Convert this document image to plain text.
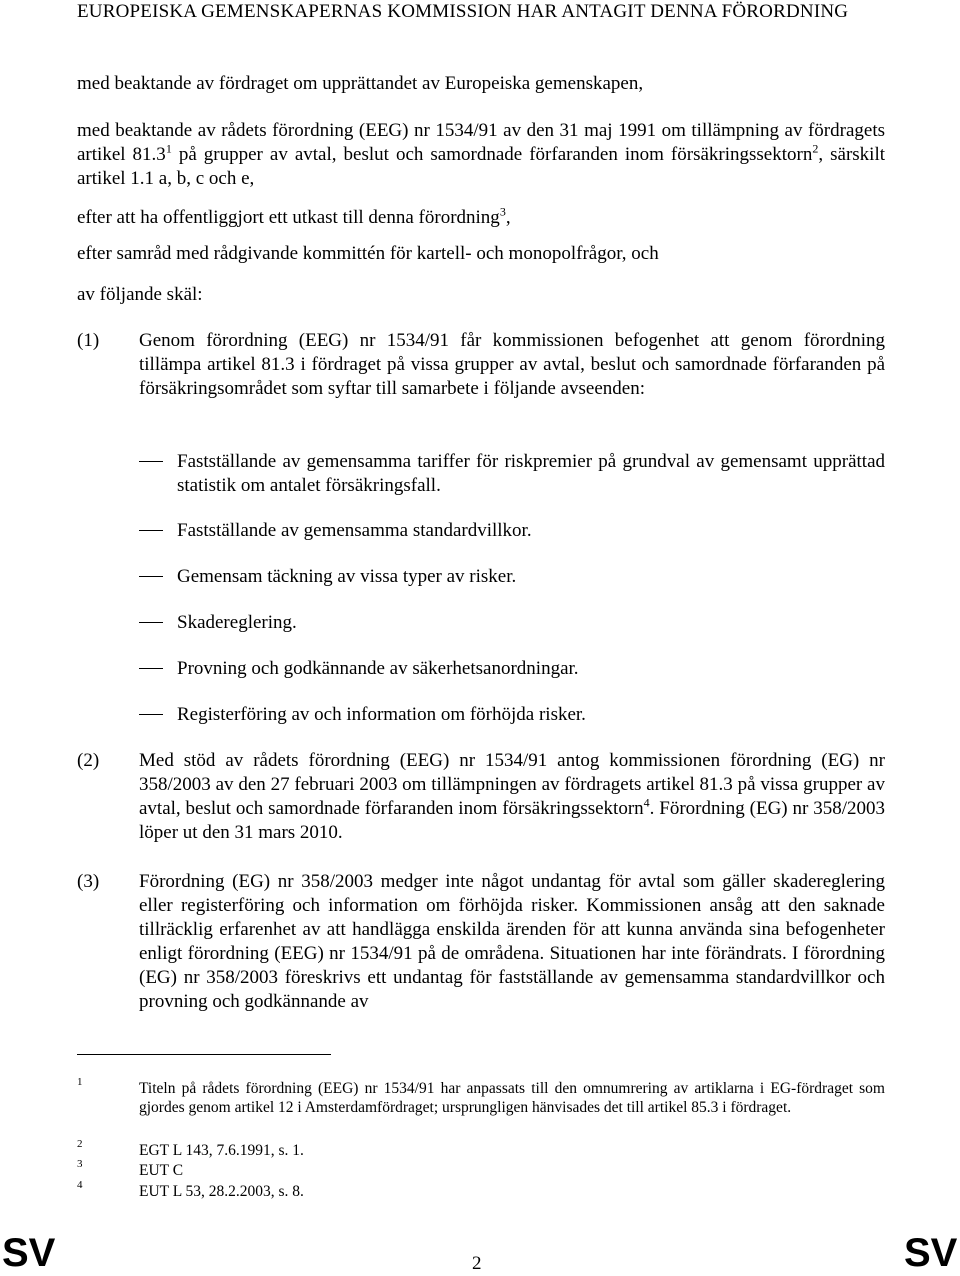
EUROPEISKA GEMENSKAPERNAS KOMMISSION HAR ANTAGIT DENNA FÖRORDNING
med beaktande av fördraget om upprättandet av Europeiska gemenskapen,
med beaktande av rådets förordning (EEG) nr 1534/91 av den 31 maj 1991 om tillämpning av fördragets artikel 81.3$^1$ på grupper av avtal, beslut och samordnade förfaranden inom försäkringssektorn$^2$, särskilt artikel 1.1 a, b, c och e,
efter att ha offentliggjort ett utkast till denna förordning$^3$,
efter samråd med rådgivande kommittén för kartell- och monopolfrågor, och
av följande skäl:
(1) Genom förordning (EEG) nr 1534/91 får kommissionen befogenhet att genom förordning tillämpa artikel 81.3 i fördraget på vissa grupper av avtal, beslut och samordnade förfaranden på försäkringsområdet som syftar till samarbete i följande avseenden:
Fastställande av gemensamma tariffer för riskpremier på grundval av gemensamt upprättad statistik om antalet försäkringsfall.
Fastställande av gemensamma standardvillkor.
Gemensam täckning av vissa typer av risker.
Skadereglering.
Provning och godkännande av säkerhetsanordningar.
Registerföring av och information om förhöjda risker.
(2) Med stöd av rådets förordning (EEG) nr 1534/91 antog kommissionen förordning (EG) nr 358/2003 av den 27 februari 2003 om tillämpningen av fördragets artikel 81.3 på vissa grupper av avtal, beslut och samordnade förfaranden inom försäkringssektorn$^4$. Förordning (EG) nr 358/2003 löper ut den 31 mars 2010.
(3) Förordning (EG) nr 358/2003 medger inte något undantag för avtal som gäller skadereglering eller registerföring och information om förhöjda risker. Kommissionen ansåg att den saknade tillräcklig erfarenhet av att handlägga enskilda ärenden för att kunna använda sina befogenheter enligt förordning (EEG) nr 1534/91 på de områdena. Situationen har inte förändrats. I förordning (EG) nr 358/2003 föreskrivs ett undantag för fastställande av gemensamma standardvillkor och provning och godkännande av
1	Titeln på rådets förordning (EEG) nr 1534/91 har anpassats till den omnumrering av artiklarna i EG-fördraget som gjordes genom artikel 12 i Amsterdamfördraget; ursprungligen hänvisades det till artikel 85.3 i fördraget.
2	EGT L 143, 7.6.1991, s. 1.
3	EUT C
4	EUT L 53, 28.2.2003, s. 8.
SV	2	SV
